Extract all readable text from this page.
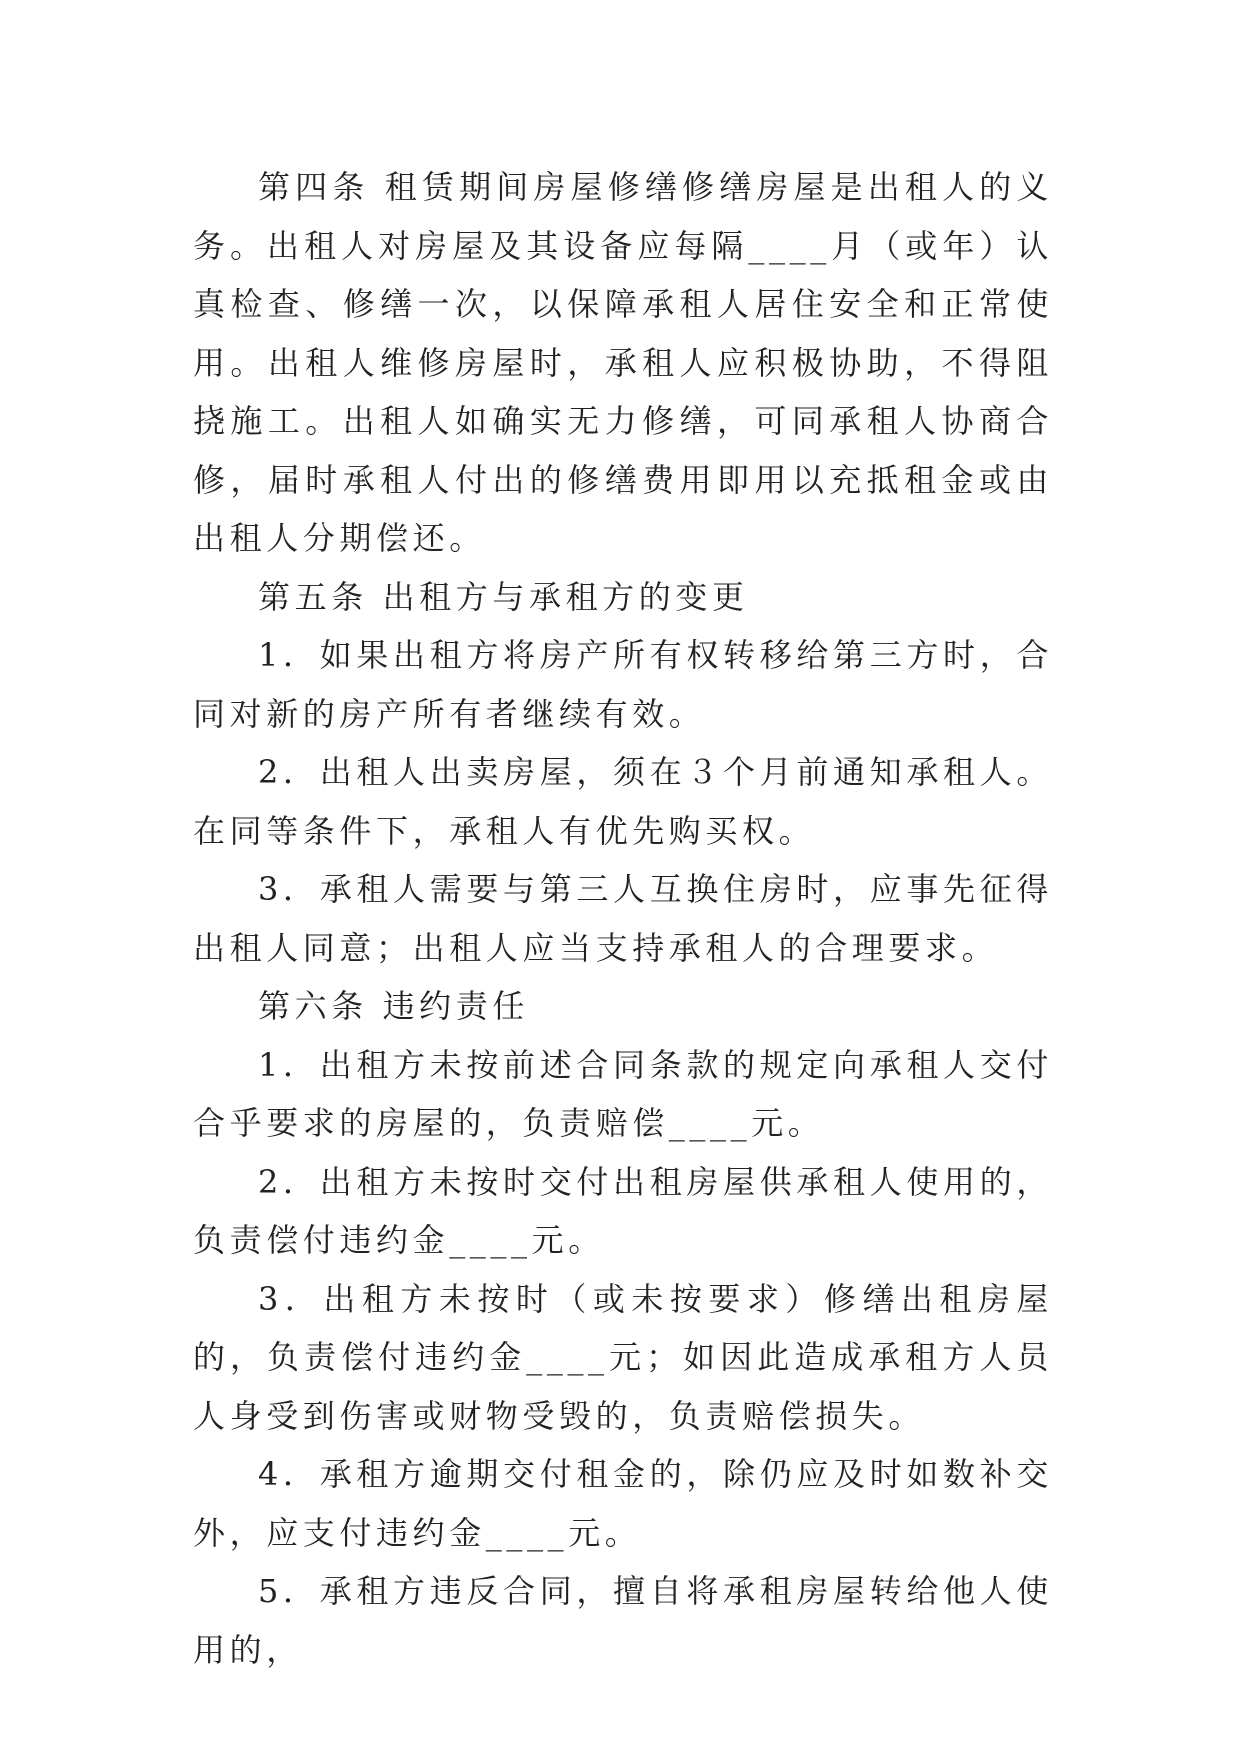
第四条 租赁期间房屋修缮修缮房屋是出租人的义务。出租人对房屋及其设备应每隔____月（或年）认真检查、修缮一次，以保障承租人居住安全和正常使用。出租人维修房屋时，承租人应积极协助，不得阻挠施工。出租人如确实无力修缮，可同承租人协商合修，届时承租人付出的修缮费用即用以充抵租金或由出租人分期偿还。

第五条 出租方与承租方的变更

1．如果出租方将房产所有权转移给第三方时，合同对新的房产所有者继续有效。

2．出租人出卖房屋，须在３个月前通知承租人。在同等条件下，承租人有优先购买权。

3．承租人需要与第三人互换住房时，应事先征得出租人同意；出租人应当支持承租人的合理要求。

第六条 违约责任

1．出租方未按前述合同条款的规定向承租人交付合乎要求的房屋的，负责赔偿____元。

2．出租方未按时交付出租房屋供承租人使用的，负责偿付违约金____元。

3．出租方未按时（或未按要求）修缮出租房屋的，负责偿付违约金____元；如因此造成承租方人员人身受到伤害或财物受毁的，负责赔偿损失。

4．承租方逾期交付租金的，除仍应及时如数补交外，应支付违约金____元。

5．承租方违反合同，擅自将承租房屋转给他人使用的，
